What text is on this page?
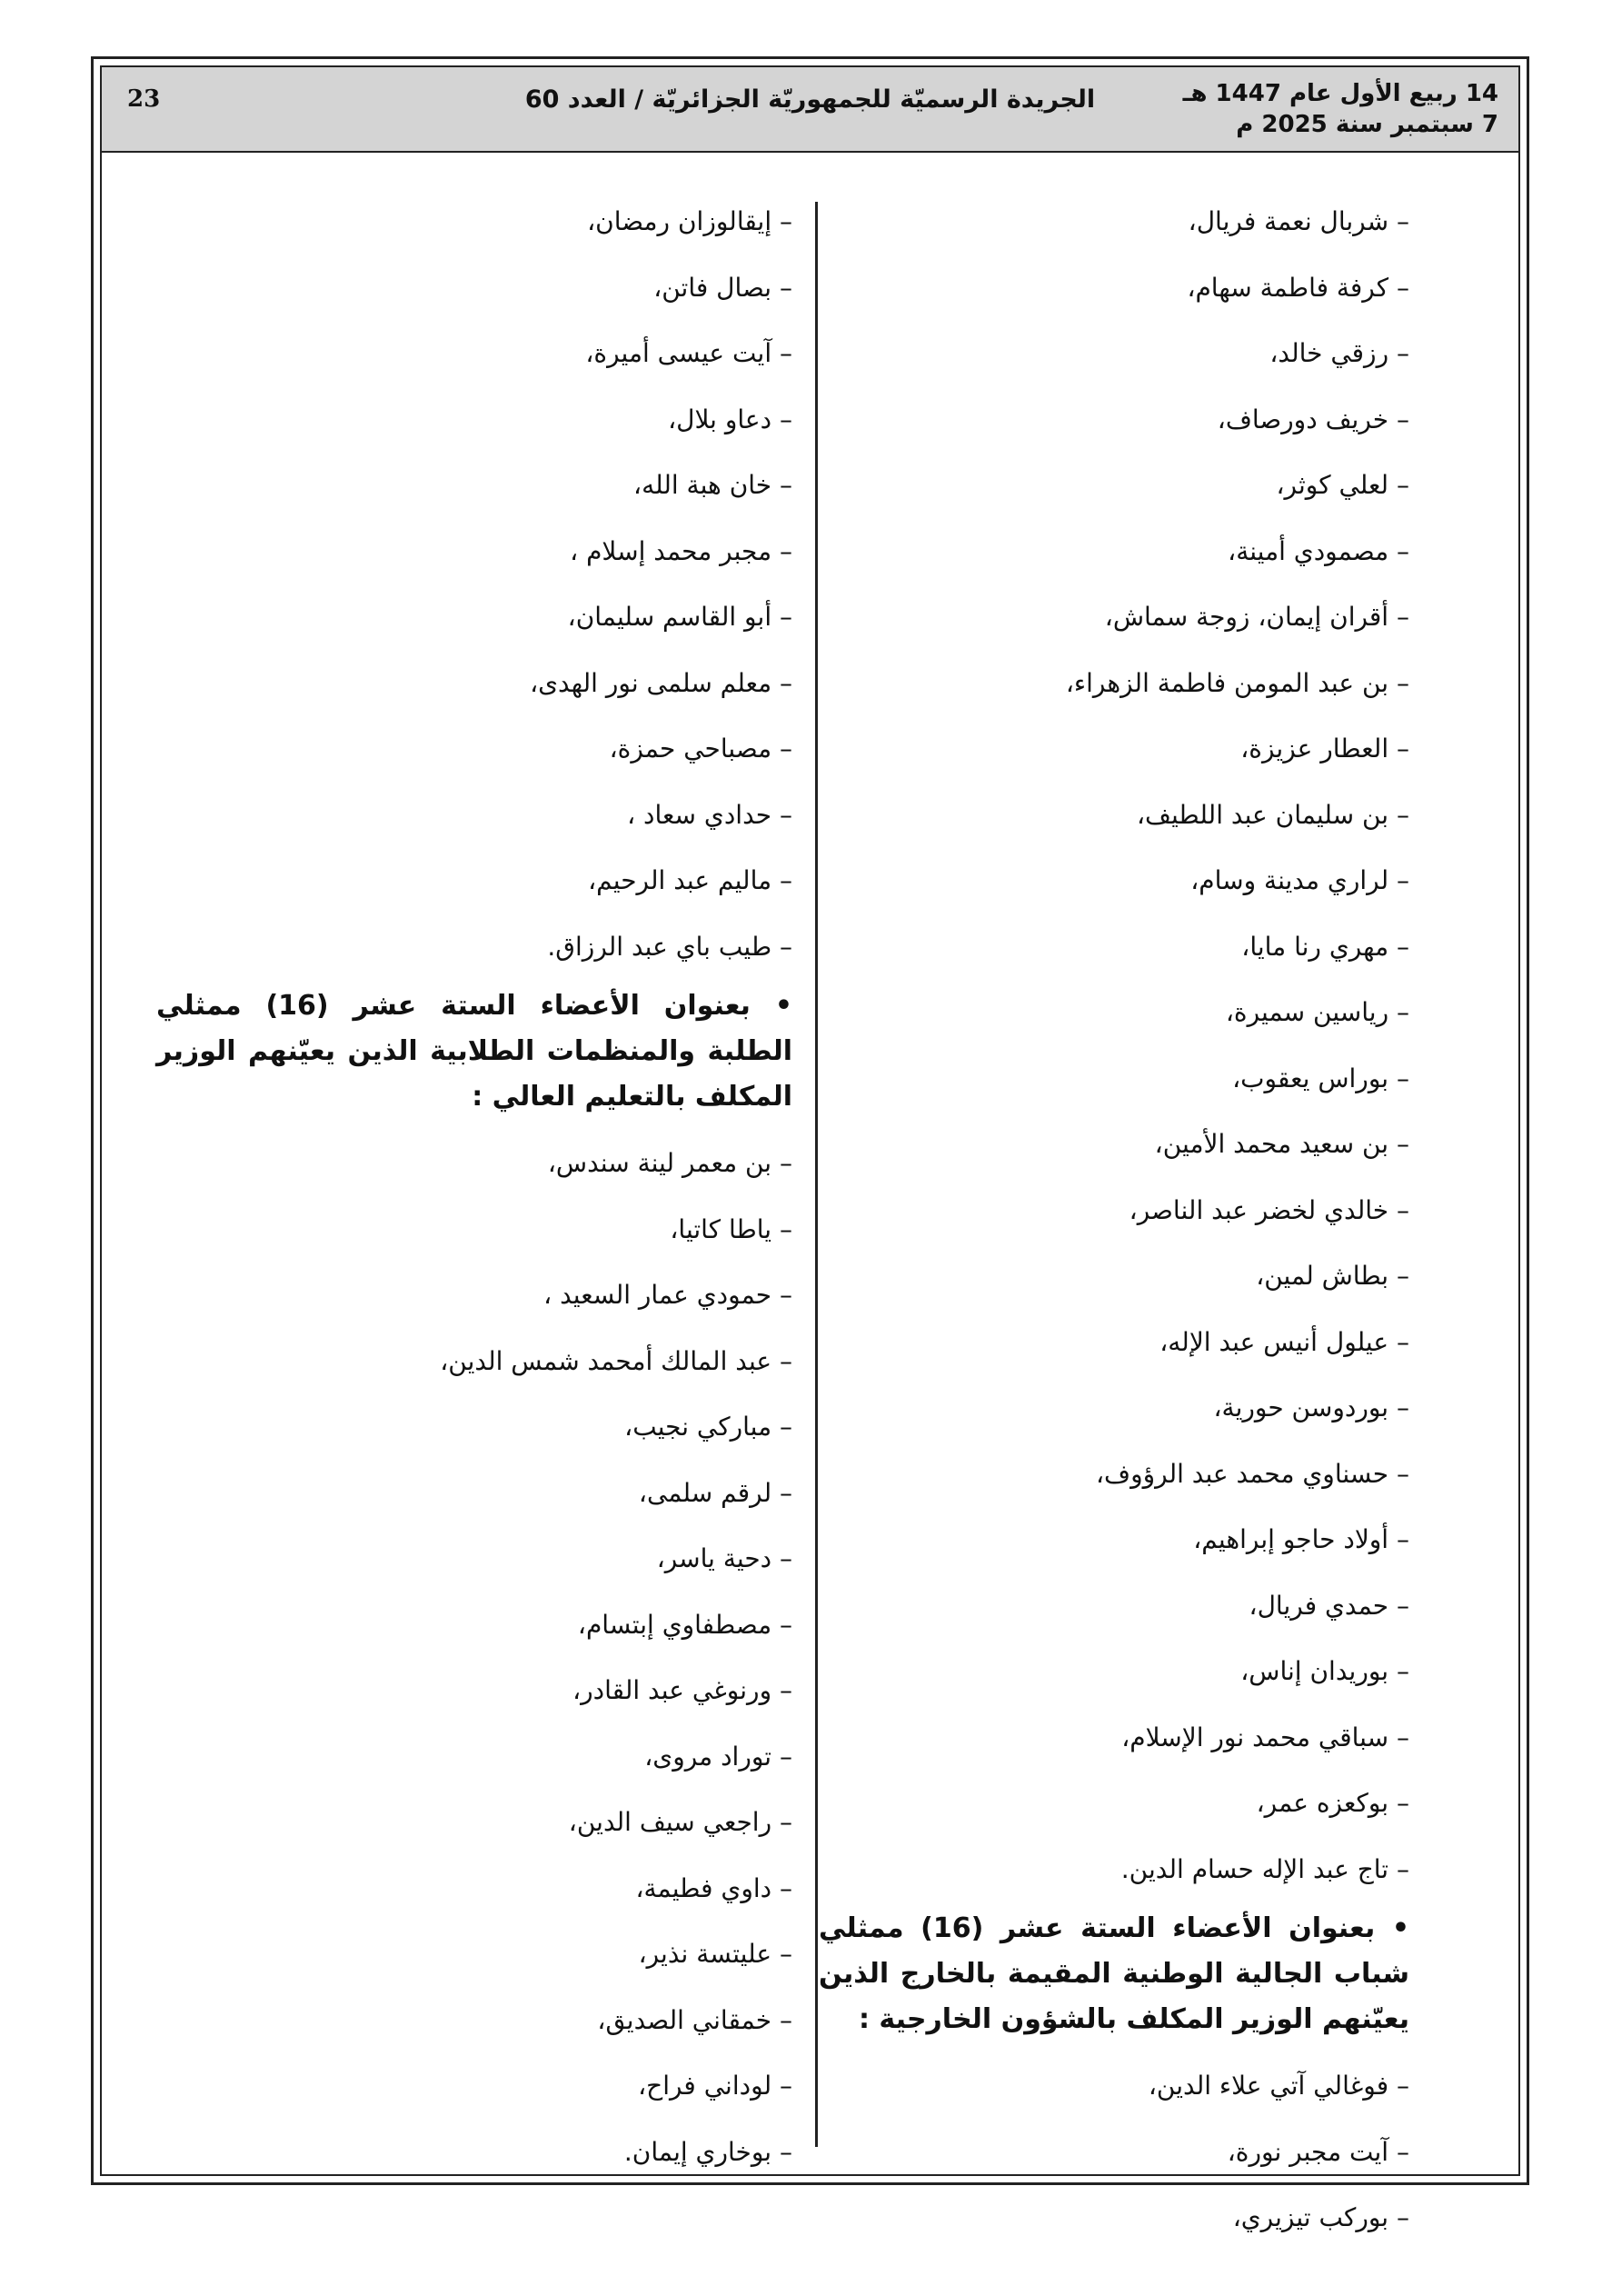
23	الجريدة الرسميّة للجمهوريّة الجزائريّة / العدد 60	14 ربيع الأول عام 1447 هـ
7 سبتمبر سنة 2025 م
– شربال نعمة فريال،
– كرفة فاطمة سهام،
– رزقي خالد،
– خريف دورصاف،
– لعلي كوثر،
– مصمودي أمينة،
– أقران إيمان، زوجة سماش،
– بن عبد المومن فاطمة الزهراء،
– العطار عزيزة،
– بن سليمان عبد اللطيف،
– لراري مدينة وسام،
– مهري رنا مايا،
– رياسين سميرة،
– بوراس يعقوب،
– بن سعيد محمد الأمين،
– خالدي لخضر عبد الناصر،
– بطاش لمين،
– عيلول أنيس عبد الإله،
– بوردوسن حورية،
– حسناوي محمد عبد الرؤوف،
– أولاد حاجو إبراهيم،
– حمدي فريال،
– بوريدان إناس،
– سباقي محمد نور الإسلام،
– بوكعزه عمر،
– تاج عبد الإله حسام الدين.
• بعنوان الأعضاء الستة عشر (16) ممثلي شباب الجالية الوطنية المقيمة بالخارج الذين يعيّنهم الوزير المكلف بالشؤون الخارجية :
– فوغالي آتي علاء الدين،
– آيت مجبر نورة،
– بوركب تيزيري،
– إيقالوزان رمضان،
– بصال فاتن،
– آيت عيسى أميرة،
– دعاو بلال،
– خان هبة الله،
– مجبر محمد إسلام ،
– أبو القاسم سليمان،
– معلم سلمى نور الهدى،
– مصباحي حمزة،
– حدادي سعاد ،
– ماليم عبد الرحيم،
– طيب باي عبد الرزاق.
• بعنوان الأعضاء الستة عشر (16) ممثلي الطلبة والمنظمات الطلابية الذين يعيّنهم الوزير المكلف بالتعليم العالي :
– بن معمر لينة سندس،
– ياطا كاتيا،
– حمودي عمار السعيد ،
– عبد المالك أمحمد شمس الدين،
– مباركي نجيب،
– لرقم سلمى،
– دحية ياسر،
– مصطفاوي إبتسام،
– ورنوغي عبد القادر،
– توراد مروى،
– راجعي سيف الدين،
– داوي فطيمة،
– عليتسة نذير،
– خمقاني الصديق،
– لوداني فراح،
– بوخاري إيمان.
